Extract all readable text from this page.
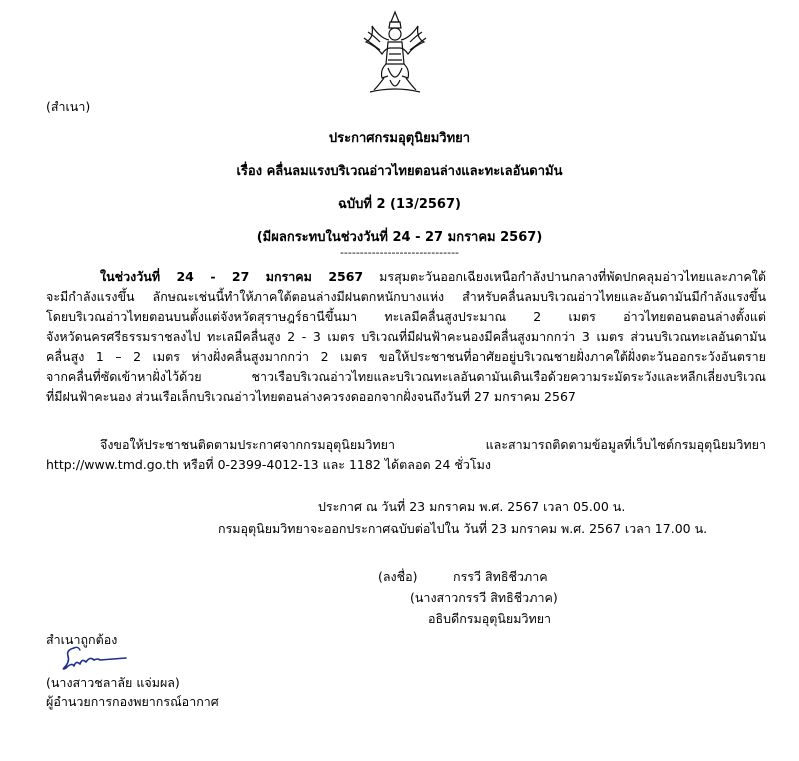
(สำเนา)
ประกาศกรมอุตุนิยมวิทยา
เรื่อง คลื่นลมแรงบริเวณอ่าวไทยตอนล่างและทะเลอันดามัน
ฉบับที่ 2 (13/2567)
(มีผลกระทบในช่วงวันที่ 24 - 27 มกราคม 2567)
------------------------------
ในช่วงวันที่ 24 - 27 มกราคม 2567 มรสุมตะวันออกเฉียงเหนือกำลังปานกลางที่พัดปกคลุมอ่าวไทยและภาคใต้
จะมีกำลังแรงขึ้น ลักษณะเช่นนี้ทำให้ภาคใต้ตอนล่างมีฝนตกหนักบางแห่ง สำหรับคลื่นลมบริเวณอ่าวไทยและอันดามันมีกำลังแรงขึ้น
โดยบริเวณอ่าวไทยตอนบนตั้งแต่จังหวัดสุราษฎร์ธานีขึ้นมา ทะเลมีคลื่นสูงประมาณ 2 เมตร อ่าวไทยตอนตอนล่างตั้งแต่
จังหวัดนครศรีธรรมราชลงไป ทะเลมีคลื่นสูง 2 - 3 เมตร บริเวณที่มีฝนฟ้าคะนองมีคลื่นสูงมากกว่า 3 เมตร ส่วนบริเวณทะเลอันดามัน
คลื่นสูง 1 – 2 เมตร ห่างฝั่งคลื่นสูงมากกว่า 2 เมตร ขอให้ประชาชนที่อาศัยอยู่บริเวณชายฝั่งภาคใต้ฝั่งตะวันออกระวังอันตราย
จากคลื่นที่ซัดเข้าหาฝั่งไว้ด้วย ชาวเรือบริเวณอ่าวไทยและบริเวณทะเลอันดามันเดินเรือด้วยความระมัดระวังและหลีกเลี่ยงบริเวณ
ที่มีฝนฟ้าคะนอง ส่วนเรือเล็กบริเวณอ่าวไทยตอนล่างควรงดออกจากฝั่งจนถึงวันที่ 27 มกราคม 2567
จึงขอให้ประชาชนติดตามประกาศจากกรมอุตุนิยมวิทยา และสามารถติดตามข้อมูลที่เว็บไซต์กรมอุตุนิยมวิทยา
http://www.tmd.go.th หรือที่ 0-2399-4012-13 และ 1182 ได้ตลอด 24 ชั่วโมง
ประกาศ ณ วันที่ 23 มกราคม พ.ศ. 2567 เวลา 05.00 น.
กรมอุตุนิยมวิทยาจะออกประกาศฉบับต่อไปใน วันที่ 23 มกราคม พ.ศ. 2567 เวลา 17.00 น.
(ลงชื่อ)	กรรวี สิทธิชีวภาค
(นางสาวกรรวี สิทธิชีวภาค)
อธิบดีกรมอุตุนิยมวิทยา
สำเนาถูกต้อง
(นางสาวชลาลัย แจ่มผล)
ผู้อำนวยการกองพยากรณ์อากาศ
